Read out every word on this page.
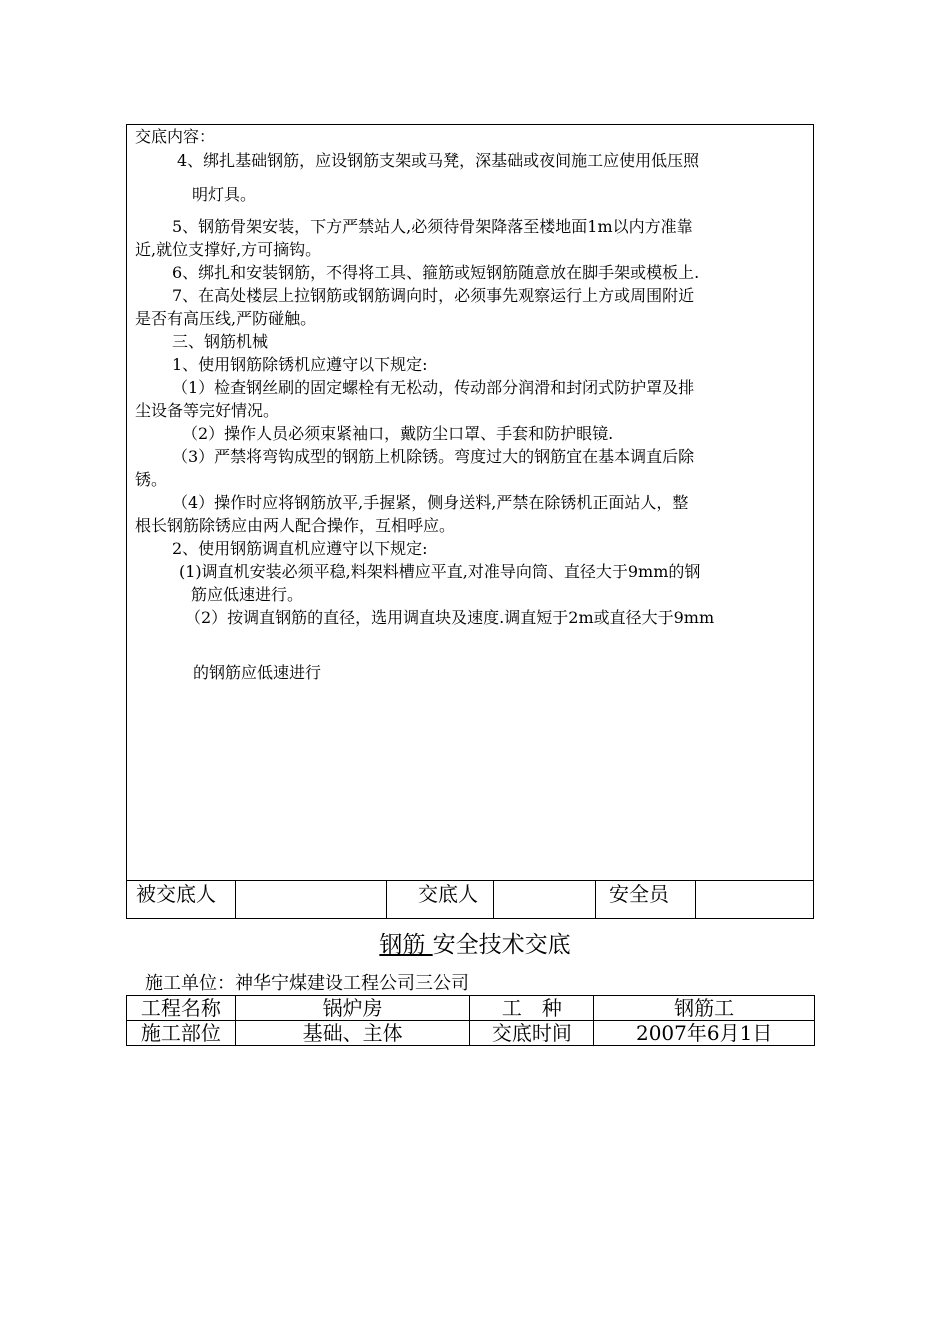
交底内容：

4、绑扎基础钢筋，应设钢筋支架或马凳，深基础或夜间施工应使用低压照

明灯具。

5、钢筋骨架安装，下方严禁站人,必须待骨架降落至楼地面1m以内方准靠

近,就位支撑好,方可摘钩。

6、绑扎和安装钢筋，不得将工具、箍筋或短钢筋随意放在脚手架或模板上.

7、在高处楼层上拉钢筋或钢筋调向时，必须事先观察运行上方或周围附近

是否有高压线,严防碰触。

三、钢筋机械

1、使用钢筋除锈机应遵守以下规定:

（1）检查钢丝刷的固定螺栓有无松动，传动部分润滑和封闭式防护罩及排

尘设备等完好情况。

（2）操作人员必须束紧袖口，戴防尘口罩、手套和防护眼镜.

（3）严禁将弯钩成型的钢筋上机除锈。弯度过大的钢筋宜在基本调直后除

锈。

（4）操作时应将钢筋放平,手握紧，侧身送料,严禁在除锈机正面站人，整

根长钢筋除锈应由两人配合操作，互相呼应。

2、使用钢筋调直机应遵守以下规定:

(1)调直机安装必须平稳,料架料槽应平直,对准导向筒、直径大于9mm的钢

筋应低速进行。

（2）按调直钢筋的直径，选用调直块及速度.调直短于2m或直径大于9mm

的钢筋应低速进行

被交底人	交底人	安全员
钢筋 安全技术交底
施工单位：神华宁煤建设工程公司三公司
工程名称	锅炉房	工　种	钢筋工
施工部位	基础、主体	交底时间	2007年6月1日
